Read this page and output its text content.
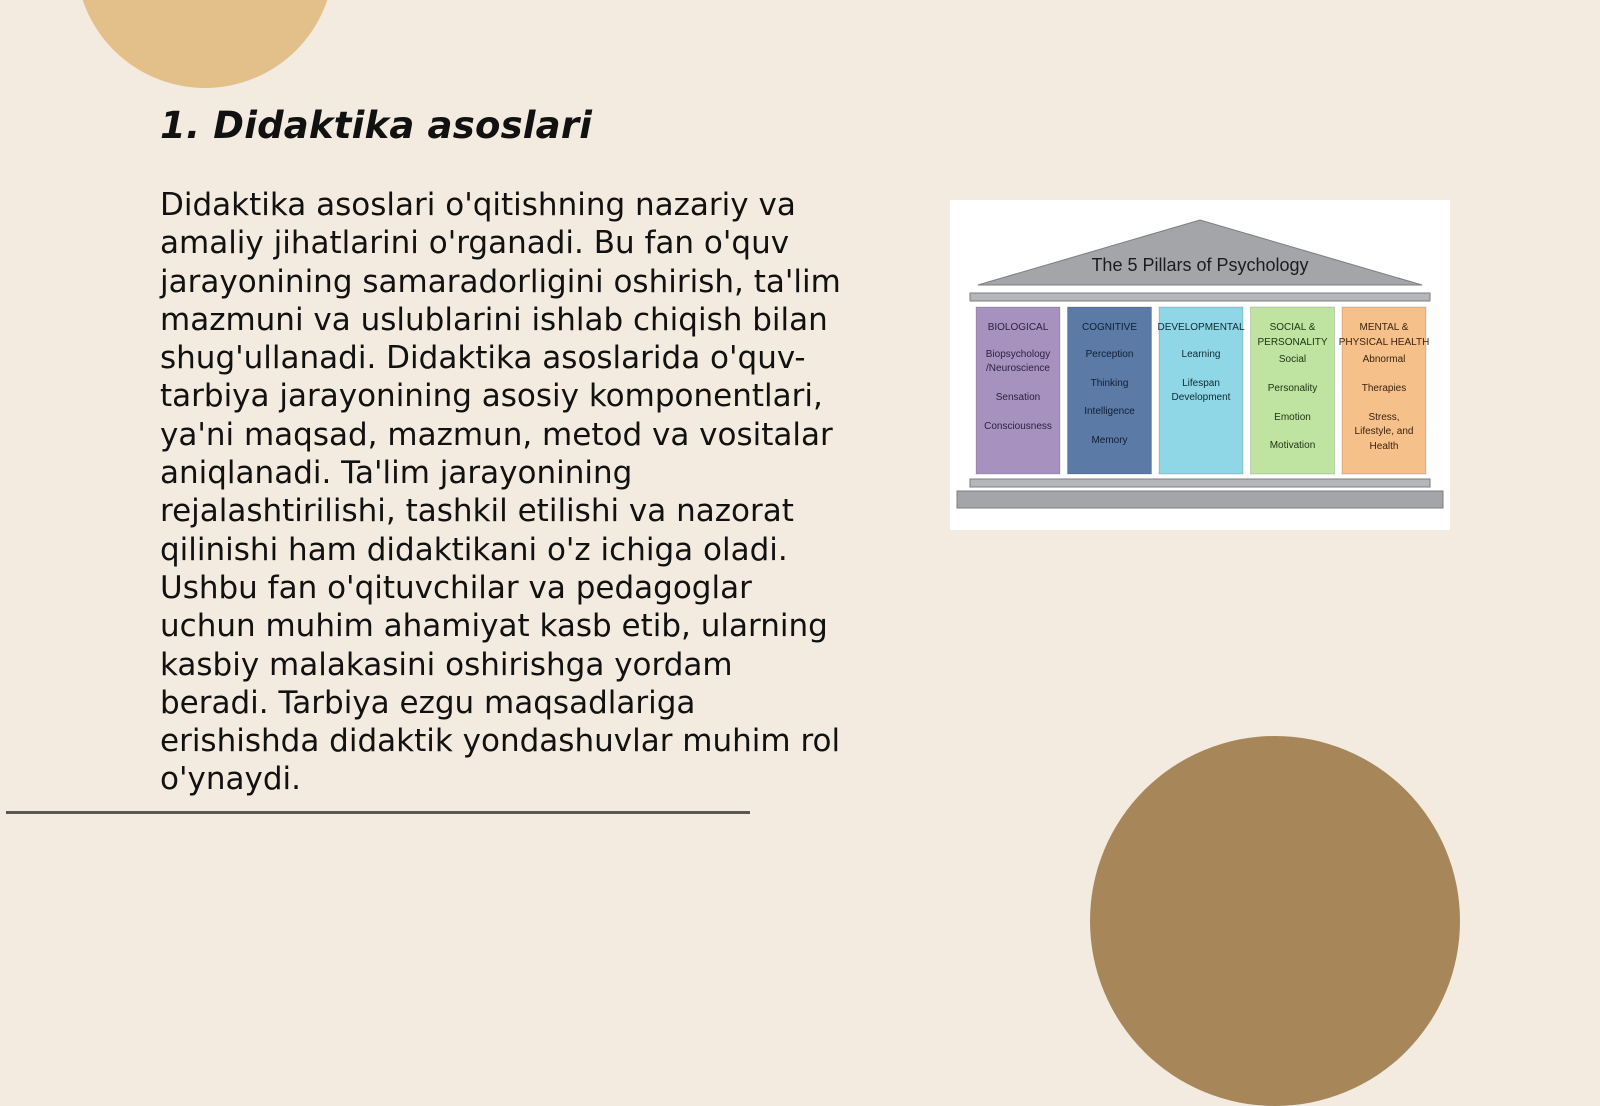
1. Didaktika asoslari

Didaktika asoslari o'qitishning nazariy va amaliy jihatlarini o'rganadi. Bu fan o'quv jarayonining samaradorligini oshirish, ta'lim mazmuni va uslublarini ishlab chiqish bilan shug'ullanadi. Didaktika asoslarida o'quv-tarbiya jarayonining asosiy komponentlari, ya'ni maqsad, mazmun, metod va vositalar aniqlanadi. Ta'lim jarayonining rejalashtirilishi, tashkil etilishi va nazorat qilinishi ham didaktikani o'z ichiga oladi. Ushbu fan o'qituvchilar va pedagoglar uchun muhim ahamiyat kasb etib, ularning kasbiy malakasini oshirishga yordam beradi. Tarbiya ezgu maqsadlariga erishishda didaktik yondashuvlar muhim rol o'ynaydi.

The 5 Pillars of Psychology
BIOLOGICAL
Biopsychology
/Neuroscience
Sensation
Consciousness
COGNITIVE
Perception
Thinking
Intelligence
Memory
DEVELOPMENTAL
Learning
Lifespan
Development
SOCIAL &
PERSONALITY
Social
Personality
Emotion
Motivation
MENTAL &
PHYSICAL HEALTH
Abnormal
Therapies
Stress,
Lifestyle, and
Health
